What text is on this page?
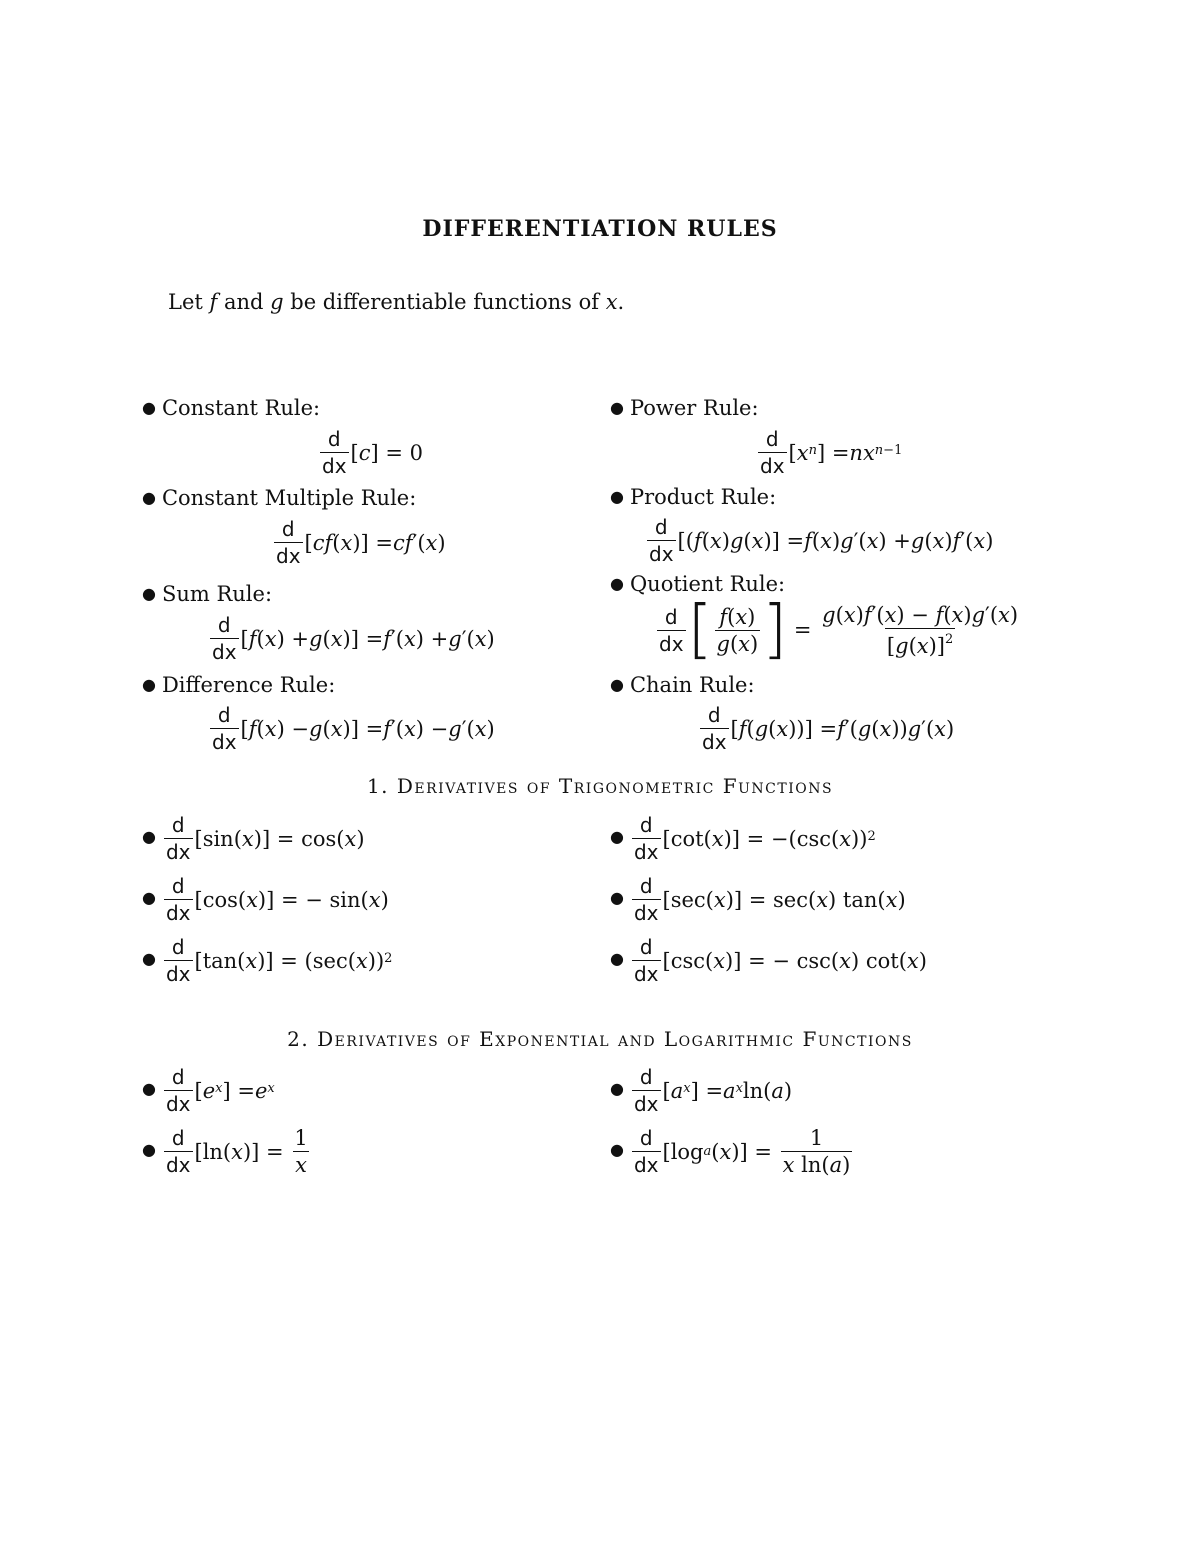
DIFFERENTIATION RULES
Let f and g be differentiable functions of x.
● Constant Rule:
$\frac{d}{dx}$ [ c ] = 0
● Constant Multiple Rule:
$\frac{d}{dx}$ [ cf ( x )] = cf ′( x )
● Sum Rule:
$\frac{d}{dx}$ [ f ( x ) + g ( x )] = f ′( x ) + g ′( x )
● Difference Rule:
$\frac{d}{dx}$ [ f ( x ) − g ( x )] = f ′( x ) − g ′( x )
● Power Rule:
$\frac{d}{dx}$ [ x $^n$ ] = nx $^{n-1}$
● Product Rule:
$\frac{d}{dx}$ [( f ( x ) g ( x )] = f ( x ) g ′( x ) + g ( x ) f ′( x )
● Quotient Rule:
$\frac{d}{dx}$ [ $\frac{f(x)}{g(x)}$ ] = $\frac{g(x)f'(x) - f(x)g'(x)}{[g(x)]^2}$
● Chain Rule:
$\frac{d}{dx}$ [ f ( g ( x ))] = f ′( g ( x )) g ′( x )
1. Derivatives of Trigonometric Functions
● $\frac{d}{dx} [\sin$( x )] = cos( x )
● $\frac{d}{dx} [\cos$( x )] = − sin( x )
● $\frac{d}{dx} [\tan$( x )] = (sec( x ))$^2$
● $\frac{d}{dx} [\cot$( x )] = −(csc( x ))$^2$
● $\frac{d}{dx} [\sec$( x )] = sec( x ) tan( x )
● $\frac{d}{dx} [\csc$( x )] = − csc( x ) cot( x )
2. Derivatives of Exponential and Logarithmic Functions
● $\frac{d}{dx}$ [ e $^x$ ] = e $^x$
● $\frac{d}{dx} [\ln$( x )] = $\frac{1}{x}$
● $\frac{d}{dx}$ [ a $^x$ ] = a $^x$ ln( a )
● $\frac{d}{dx} [\log$ a ( x )] = $\frac{1}{\text{x ln(a)}}$
